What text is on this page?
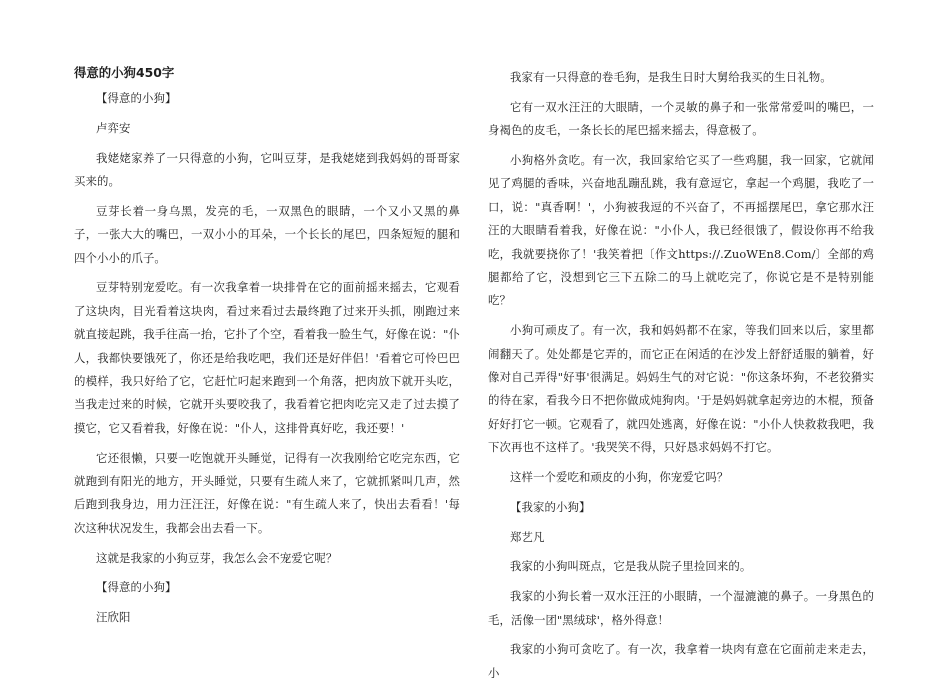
得意的小狗450字

【得意的小狗】

卢弈安

我姥姥家养了一只得意的小狗，它叫豆芽，是我姥姥到我妈妈的哥哥家买来的。

豆芽长着一身乌黑，发亮的毛，一双黑色的眼睛，一个又小又黑的鼻子，一张大大的嘴巴，一双小小的耳朵，一个长长的尾巴，四条短短的腿和四个小小的爪子。

豆芽特别宠爱吃。有一次我拿着一块排骨在它的面前摇来摇去，它观看了这块肉，目光看着这块肉，看过来看过去最终跑了过来开头抓，刚跑过来就直接起跳，我手往高一抬，它扑了个空，看着我一脸生气，好像在说："仆人，我都快要饿死了，你还是给我吃吧，我们还是好伴侣！'看着它可怜巴巴的模样，我只好给了它，它赶忙叼起来跑到一个角落，把肉放下就开头吃，当我走过来的时候，它就开头要咬我了，我看着它把肉吃完又走了过去摸了摸它，它又看着我，好像在说："仆人，这排骨真好吃，我还要！'

它还很懒，只要一吃饱就开头睡觉，记得有一次我刚给它吃完东西，它就跑到有阳光的地方，开头睡觉，只要有生疏人来了，它就抓紧叫几声，然后跑到我身边，用力汪汪汪，好像在说："有生疏人来了，快出去看看！'每次这种状况发生，我都会出去看一下。

这就是我家的小狗豆芽，我怎么会不宠爱它呢？

【得意的小狗】

汪欣阳

我家有一只得意的卷毛狗，是我生日时大舅给我买的生日礼物。

它有一双水汪汪的大眼睛，一个灵敏的鼻子和一张常常爱叫的嘴巴，一身褐色的皮毛，一条长长的尾巴摇来摇去，得意极了。

小狗格外贪吃。有一次，我回家给它买了一些鸡腿，我一回家，它就闻见了鸡腿的香味，兴奋地乱蹦乱跳，我有意逗它，拿起一个鸡腿，我吃了一口，说："真香啊！'，小狗被我逗的不兴奋了，不再摇摆尾巴，拿它那水汪汪的大眼睛看着我，好像在说："小仆人，我已经很饿了，假设你再不给我吃，我就要挠你了！'我笑着把〔作文https://.ZuoWEn8.Com/〕全部的鸡腿都给了它，没想到它三下五除二的马上就吃完了，你说它是不是特别能吃？

小狗可顽皮了。有一次，我和妈妈都不在家，等我们回来以后，家里都闹翻天了。处处都是它弄的，而它正在闲适的在沙发上舒舒适服的躺着，好像对自己弄得"好事'很满足。妈妈生气的对它说："你这条坏狗，不老狡猾实的待在家，看我今日不把你做成炖狗肉。'于是妈妈就拿起旁边的木棍，预备好好打它一顿。它观看了，就四处逃离，好像在说："小仆人快救救我吧，我下次再也不这样了。'我哭笑不得，只好恳求妈妈不打它。

这样一个爱吃和顽皮的小狗，你宠爱它吗？

【我家的小狗】

郑艺凡

我家的小狗叫斑点，它是我从院子里捡回来的。

我家的小狗长着一双水汪汪的小眼睛，一个湿漉漉的鼻子。一身黑色的毛，活像一团"黑绒球'，格外得意！

我家的小狗可贪吃了。有一次，我拿着一块肉有意在它面前走来走去，小
